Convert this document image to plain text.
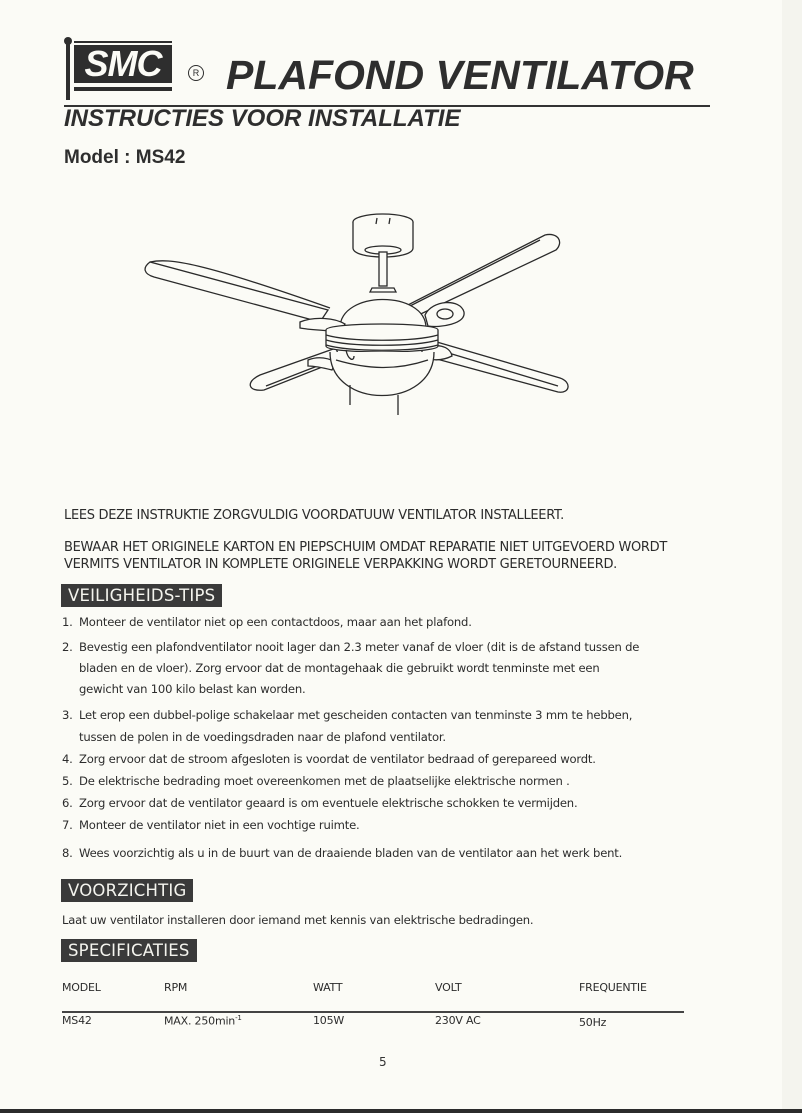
SMC	R PLAFOND VENTILATOR
INSTRUCTIES VOOR INSTALLATIE
Model : MS42
LEES DEZE INSTRUKTIE ZORGVULDIG VOORDATUUW VENTILATOR INSTALLEERT.
BEWAAR HET ORIGINELE KARTON EN PIEPSCHUIM OMDAT REPARATIE NIET UITGEVOERD WORDT
VERMITS VENTILATOR IN KOMPLETE ORIGINELE VERPAKKING WORDT GERETOURNEERD.
VEILIGHEIDS-TIPS
1. Monteer de ventilator niet op een contactdoos, maar aan het plafond.
2. Bevestig een plafondventilator nooit lager dan 2.3 meter vanaf de vloer (dit is de afstand tussen de
bladen en de vloer). Zorg ervoor dat de montagehaak die gebruikt wordt tenminste met een
gewicht van 100 kilo belast kan worden.
3. Let erop een dubbel-polige schakelaar met gescheiden contacten van tenminste 3 mm te hebben,
tussen de polen in de voedingsdraden naar de plafond ventilator.
4. Zorg ervoor dat de stroom afgesloten is voordat de ventilator bedraad of gerepareed wordt.
5. De elektrische bedrading moet overeenkomen met de plaatselijke elektrische normen .
6. Zorg ervoor dat de ventilator geaard is om eventuele elektrische schokken te vermijden.
7. Monteer de ventilator niet in een vochtige ruimte.
8. Wees voorzichtig als u in de buurt van de draaiende bladen van de ventilator aan het werk bent.
VOORZICHTIG
Laat uw ventilator installeren door iemand met kennis van elektrische bedradingen.
SPECIFICATIES
MODEL	RPM	WATT	VOLT	FREQUENTIE
MS42	MAX. $250\min^{-1}$	105W	230V AC	50Hz
5
